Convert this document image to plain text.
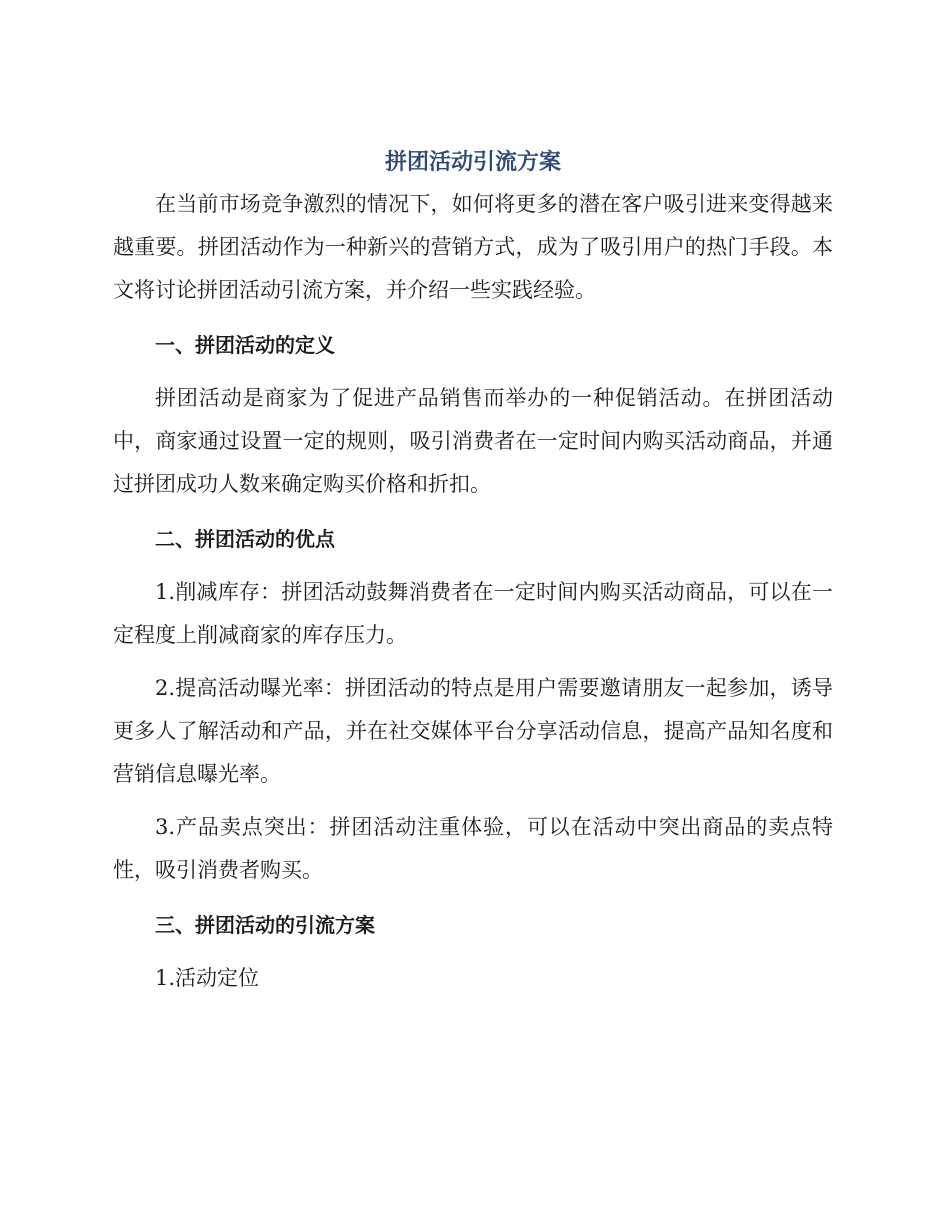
拼团活动引流方案

在当前市场竞争激烈的情况下，如何将更多的潜在客户吸引进来变得越来越重要。拼团活动作为一种新兴的营销方式，成为了吸引用户的热门手段。本文将讨论拼团活动引流方案，并介绍一些实践经验。

一、拼团活动的定义

拼团活动是商家为了促进产品销售而举办的一种促销活动。在拼团活动中，商家通过设置一定的规则，吸引消费者在一定时间内购买活动商品，并通过拼团成功人数来确定购买价格和折扣。

二、拼团活动的优点

1.削减库存：拼团活动鼓舞消费者在一定时间内购买活动商品，可以在一定程度上削减商家的库存压力。

2.提高活动曝光率：拼团活动的特点是用户需要邀请朋友一起参加，诱导更多人了解活动和产品，并在社交媒体平台分享活动信息，提高产品知名度和营销信息曝光率。

3.产品卖点突出：拼团活动注重体验，可以在活动中突出商品的卖点特性，吸引消费者购买。

三、拼团活动的引流方案

1.活动定位
